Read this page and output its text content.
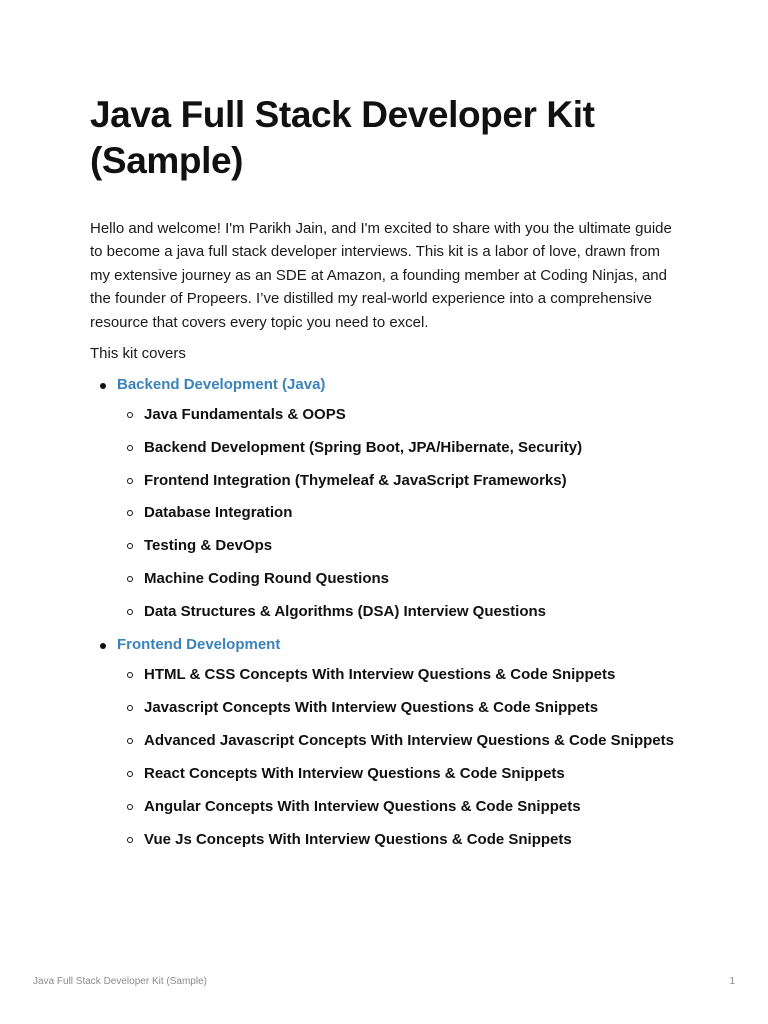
Java Full Stack Developer Kit (Sample)

Hello and welcome! I'm Parikh Jain, and I'm excited to share with you the ultimate guide to become a java full stack developer interviews. This kit is a labor of love, drawn from my extensive journey as an SDE at Amazon, a founding member at Coding Ninjas, and the founder of Propeers. I’ve distilled my real-world experience into a comprehensive resource that covers every topic you need to excel.

This kit covers

Backend Development (Java)
Java Fundamentals & OOPS
Backend Development (Spring Boot, JPA/Hibernate, Security)
Frontend Integration (Thymeleaf & JavaScript Frameworks)
Database Integration
Testing & DevOps
Machine Coding Round Questions
Data Structures & Algorithms (DSA) Interview Questions
Frontend Development
HTML & CSS Concepts With Interview Questions & Code Snippets
Javascript Concepts With Interview Questions & Code Snippets
Advanced Javascript Concepts With Interview Questions & Code Snippets
React Concepts With Interview Questions & Code Snippets
Angular Concepts With Interview Questions & Code Snippets
Vue Js Concepts With Interview Questions & Code Snippets
Java Full Stack Developer Kit (Sample)	1
